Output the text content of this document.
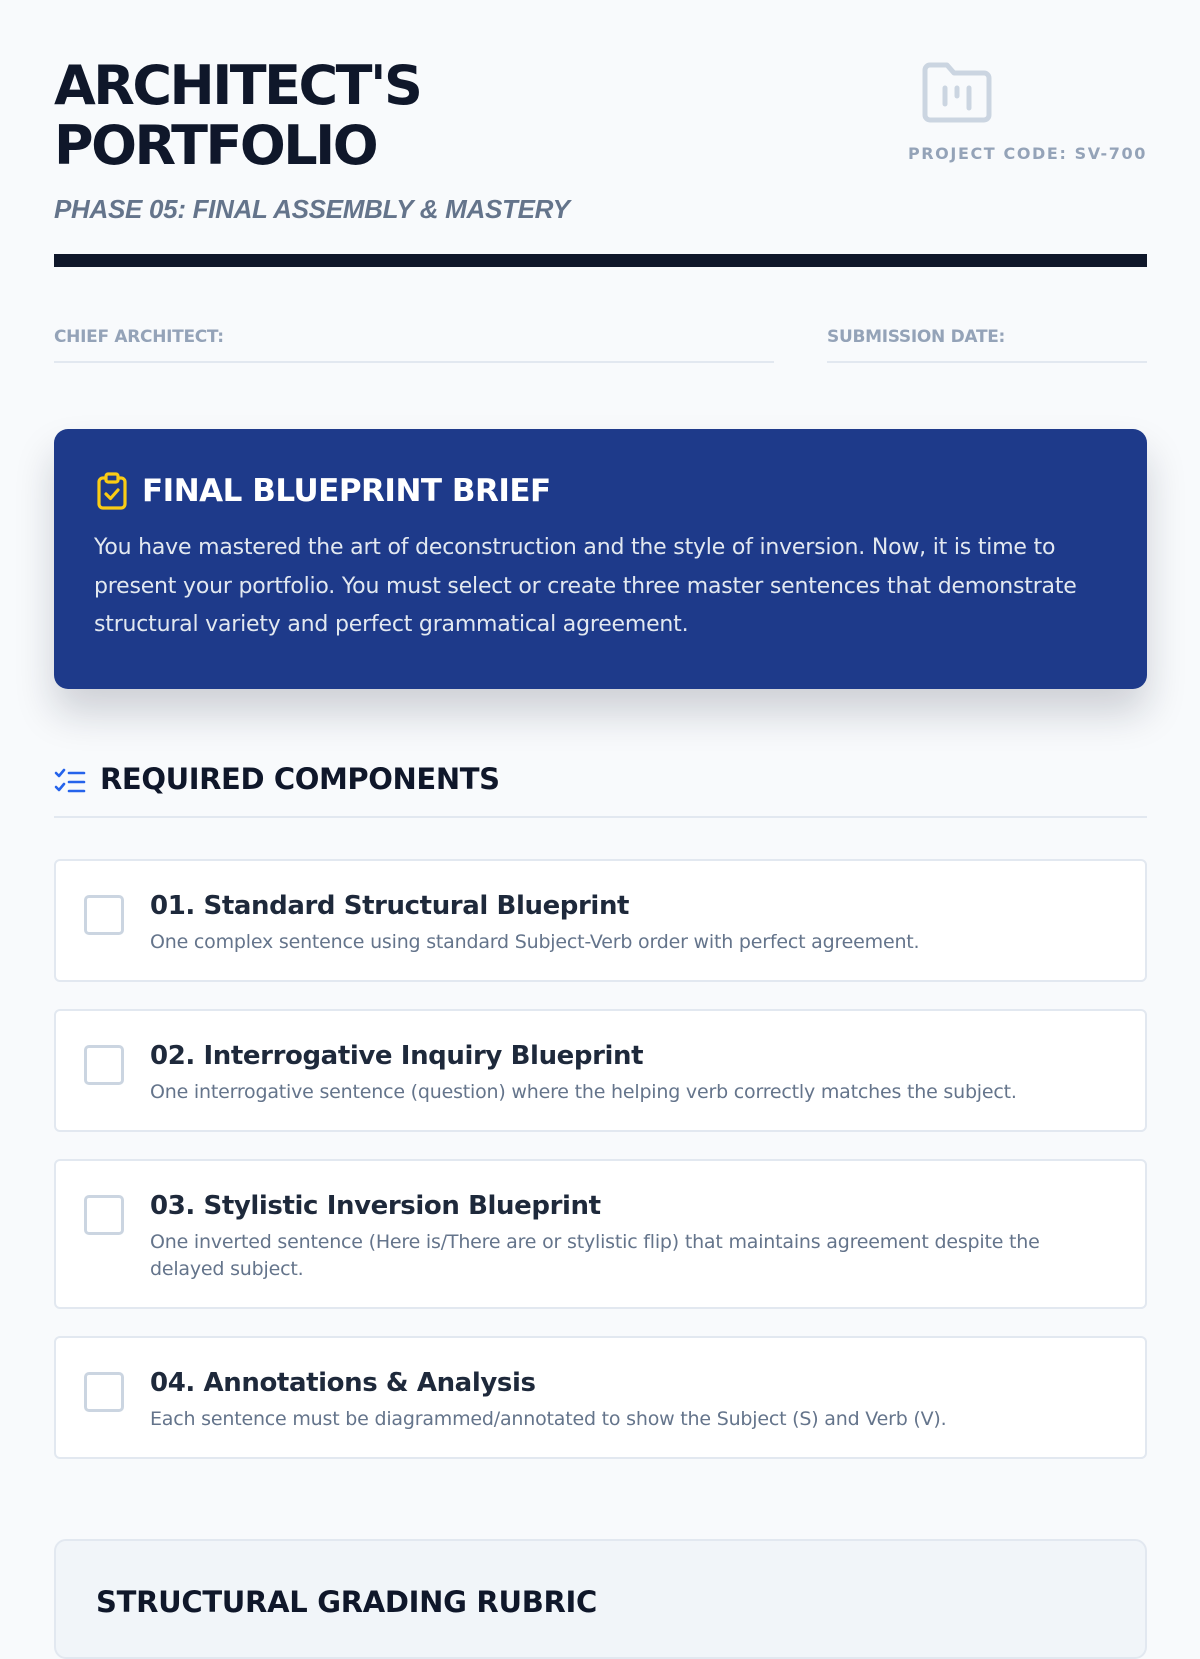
ARCHITECT'S PORTFOLIO
PHASE 05: FINAL ASSEMBLY & MASTERY
PROJECT CODE: SV-700
CHIEF ARCHITECT:	SUBMISSION DATE:
FINAL BLUEPRINT BRIEF

You have mastered the art of deconstruction and the style of inversion. Now, it is time to present your portfolio. You must select or create three master sentences that demonstrate structural variety and perfect grammatical agreement.

REQUIRED COMPONENTS
01. Standard Structural Blueprint
One complex sentence using standard Subject-Verb order with perfect agreement.
02. Interrogative Inquiry Blueprint
One interrogative sentence (question) where the helping verb correctly matches the subject.
03. Stylistic Inversion Blueprint
One inverted sentence (Here is/There are or stylistic flip) that maintains agreement despite the delayed subject.
04. Annotations & Analysis
Each sentence must be diagrammed/annotated to show the Subject (S) and Verb (V).
STRUCTURAL GRADING RUBRIC
